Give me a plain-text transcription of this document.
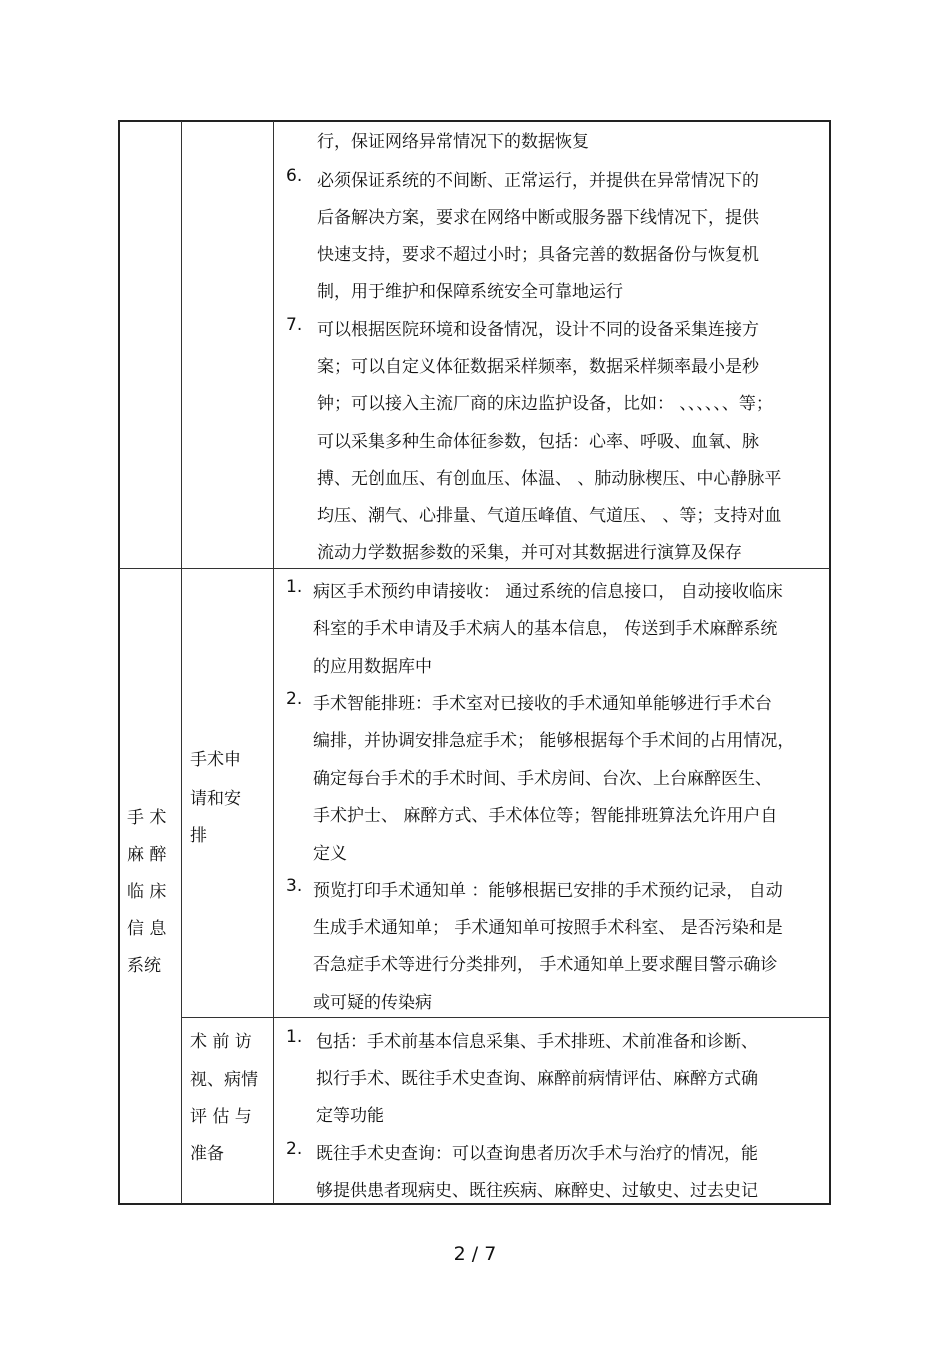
行，保证网络异常情况下的数据恢复
6. 必须保证系统的不间断、正常运行，并提供在异常情况下的
后备解决方案，要求在网络中断或服务器下线情况下，提供
快速支持，要求不超过小时；具备完善的数据备份与恢复机
制，用于维护和保障系统安全可靠地运行
7. 可以根据医院环境和设备情况，设计不同的设备采集连接方
案；可以自定义体征数据采样频率，数据采样频率最小是秒
钟；可以接入主流厂商的床边监护设备，比如： 、、、、、、等；
可以采集多种生命体征参数，包括：心率、呼吸、血氧、脉
搏、无创血压、有创血压、体温、 、肺动脉楔压、中心静脉平
均压、潮气、心排量、气道压峰值、气道压、 、等；支持对血
流动力学数据参数的采集，并可对其数据进行演算及保存
手 术
麻 醉
临 床
信 息
系统
手术申
请和安
排
1. 病区手术预约申请接收： 通过系统的信息接口， 自动接收临床
科室的手术申请及手术病人的基本信息， 传送到手术麻醉系统
的应用数据库中
2. 手术智能排班：手术室对已接收的手术通知单能够进行手术台
编排，并协调安排急症手术； 能够根据每个手术间的占用情况，
确定每台手术的手术时间、手术房间、台次、上台麻醉医生、
手术护士、 麻醉方式、手术体位等；智能排班算法允许用户自
定义
3. 预览打印手术通知单 ：能够根据已安排的手术预约记录， 自动
生成手术通知单； 手术通知单可按照手术科室、 是否污染和是
否急症手术等进行分类排列， 手术通知单上要求醒目警示确诊
或可疑的传染病
术 前 访
视、病情
评 估 与
准备
1. 包括：手术前基本信息采集、手术排班、术前准备和诊断、
拟行手术、既往手术史查询、麻醉前病情评估、麻醉方式确
定等功能
2. 既往手术史查询：可以查询患者历次手术与治疗的情况，能
够提供患者现病史、既往疾病、麻醉史、过敏史、过去史记
2 / 7
